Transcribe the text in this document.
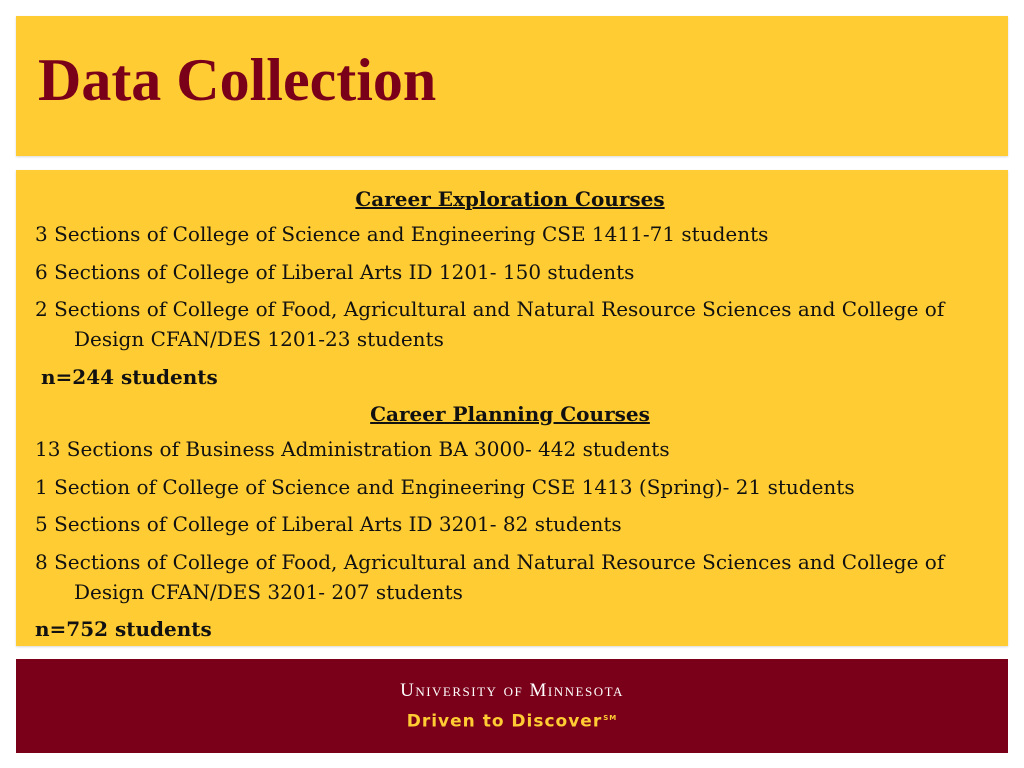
Data Collection

Career Exploration Courses

3 Sections of College of Science and Engineering CSE 1411-71 students

6 Sections of College of Liberal Arts ID 1201- 150 students

2 Sections of College of Food, Agricultural and Natural Resource Sciences and College of Design CFAN/DES 1201-23 students

n=244 students

Career Planning Courses

13 Sections of Business Administration BA 3000- 442 students

1 Section of College of Science and Engineering CSE 1413 (Spring)- 21 students

5 Sections of College of Liberal Arts ID 3201- 82 students

8 Sections of College of Food, Agricultural and Natural Resource Sciences and College of Design CFAN/DES 3201- 207 students

n=752 students

University of Minnesota
Driven to Discover℠
